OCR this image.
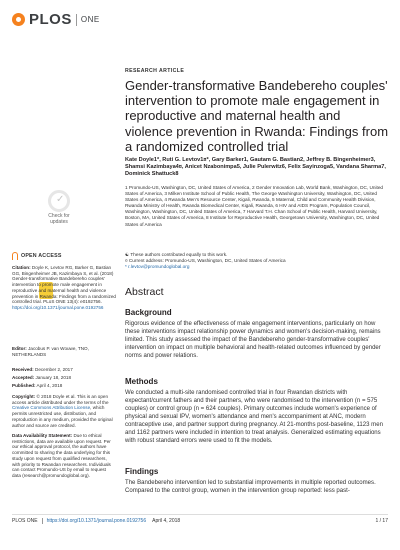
PLOS ONE
✓
Check for updates
OPEN ACCESS
Citation: Doyle K, Levtov RG, Barker G, Bastian GG, Bingenheimer JB, Kazimbaya S, et al. (2018) Gender-transformative Bandebereho couples' intervention to promote male engagement in reproductive and maternal health and violence prevention in Rwanda: Findings from a randomized controlled trial. PLoS ONE 13(4): e0192756. https://doi.org/10.1371/journal.pone.0192756
Editor: Jacobus P. van Wouwe, TNO, NETHERLANDS
Received: December 2, 2017
Accepted: January 18, 2018
Published: April 4, 2018
Copyright: © 2018 Doyle et al. This is an open access article distributed under the terms of the Creative Commons Attribution License, which permits unrestricted use, distribution, and reproduction in any medium, provided the original author and source are credited.
Data Availability Statement: Due to ethical restrictions, data are available upon request. Per our ethical approval protocol, the authors have committed to sharing the data underlying for this study upon request from qualified researchers, with priority to Rwandan researchers. Individuals can contact Promundo-US by email to request data (research@promundoglobal.org).
RESEARCH ARTICLE
Gender-transformative Bandebereho couples' intervention to promote male engagement in reproductive and maternal health and violence prevention in Rwanda: Findings from a randomized controlled trial
Kate Doyle1*, Ruti G. Levtov1¤*, Gary Barker1, Gautam G. Bastian2, Jeffrey B. Bingenheimer3, Shamsi Kazimbaya4¤, Anicet Nzabonimpa5, Julie Pulerwitz6, Felix Sayinzoga5, Vandana Sharma7, Dominick Shattuck8
1 Promundo-US, Washington, DC, United States of America, 2 Gender Innovation Lab, World Bank, Washington, DC, United States of America, 3 Milken Institute School of Public Health, The George Washington University, Washington, DC, United States of America, 4 Rwanda Men's Resource Center, Kigali, Rwanda, 5 Maternal, Child and Community Health Division, Rwanda Ministry of Health, Rwanda Biomedical Center, Kigali, Rwanda, 6 HIV and AIDS Program, Population Council, Washington, Washington, DC, United States of America, 7 Harvard T.H. Chan School of Public Health, Harvard University, Boston, MA, United States of America, 8 Institute for Reproductive Health, Georgetown University, Washington, DC, United States of America
☯ These authors contributed equally to this work.
¤ Current address: Promundo-US, Washington, DC, United States of America
* r.levtov@promundoglobal.org
Abstract
Background
Rigorous evidence of the effectiveness of male engagement interventions, particularly on how these interventions impact relationship power dynamics and women's decision-making, remains limited. This study assessed the impact of the Bandebereho gender-transformative couples' intervention on impact on multiple behavioral and health-related outcomes influenced by gender norms and power relations.
Methods
We conducted a multi-site randomised controlled trial in four Rwandan districts with expectant/current fathers and their partners, who were randomised to the intervention (n = 575 couples) or control group (n = 624 couples). Primary outcomes include women's experience of physical and sexual IPV, women's attendance and men's accompaniment at ANC, modern contraceptive use, and partner support during pregnancy. At 21-months post-baseline, 1123 men and 1162 partners were included in intention to treat analysis. Generalized estimating equations with robust standard errors were used to fit the models.
Findings
The Bandebereho intervention led to substantial improvements in multiple reported outcomes. Compared to the control group, women in the intervention group reported: less past-
PLOS ONE https://doi.org/10.1371/journal.pone.0192756 April 4, 2018	1 / 17
